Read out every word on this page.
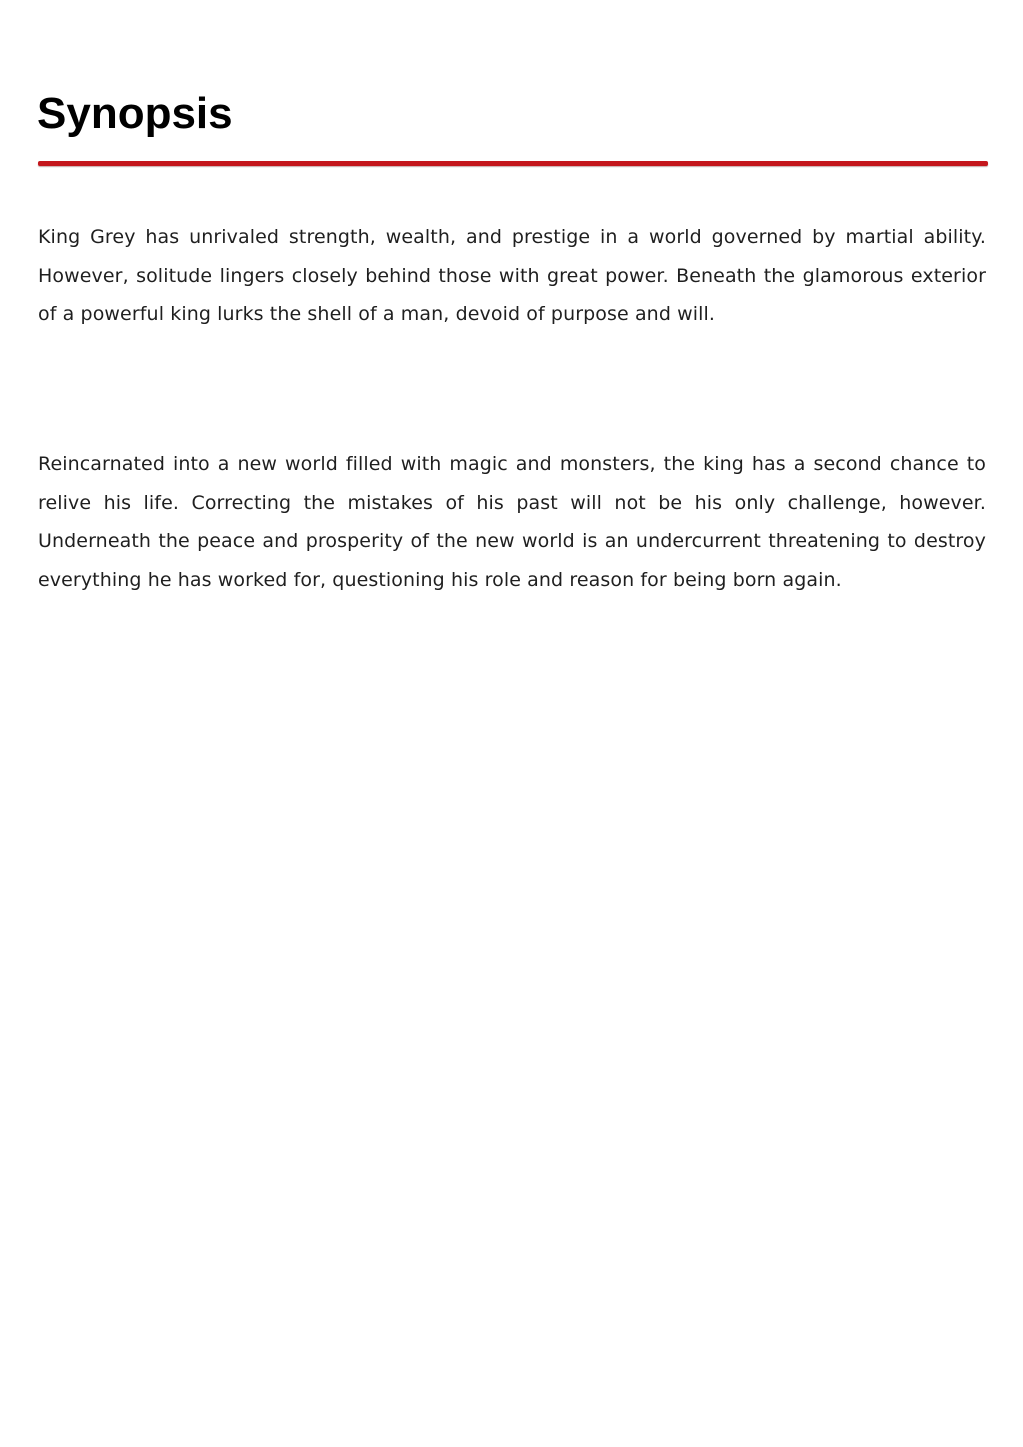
Synopsis

King Grey has unrivaled strength, wealth, and prestige in a world governed by martial ability. However, solitude lingers closely behind those with great power. Beneath the glamorous exterior of a powerful king lurks the shell of a man, devoid of purpose and will.

Reincarnated into a new world filled with magic and monsters, the king has a second chance to relive his life. Correcting the mistakes of his past will not be his only challenge, however. Underneath the peace and prosperity of the new world is an undercurrent threatening to destroy everything he has worked for, questioning his role and reason for being born again.
